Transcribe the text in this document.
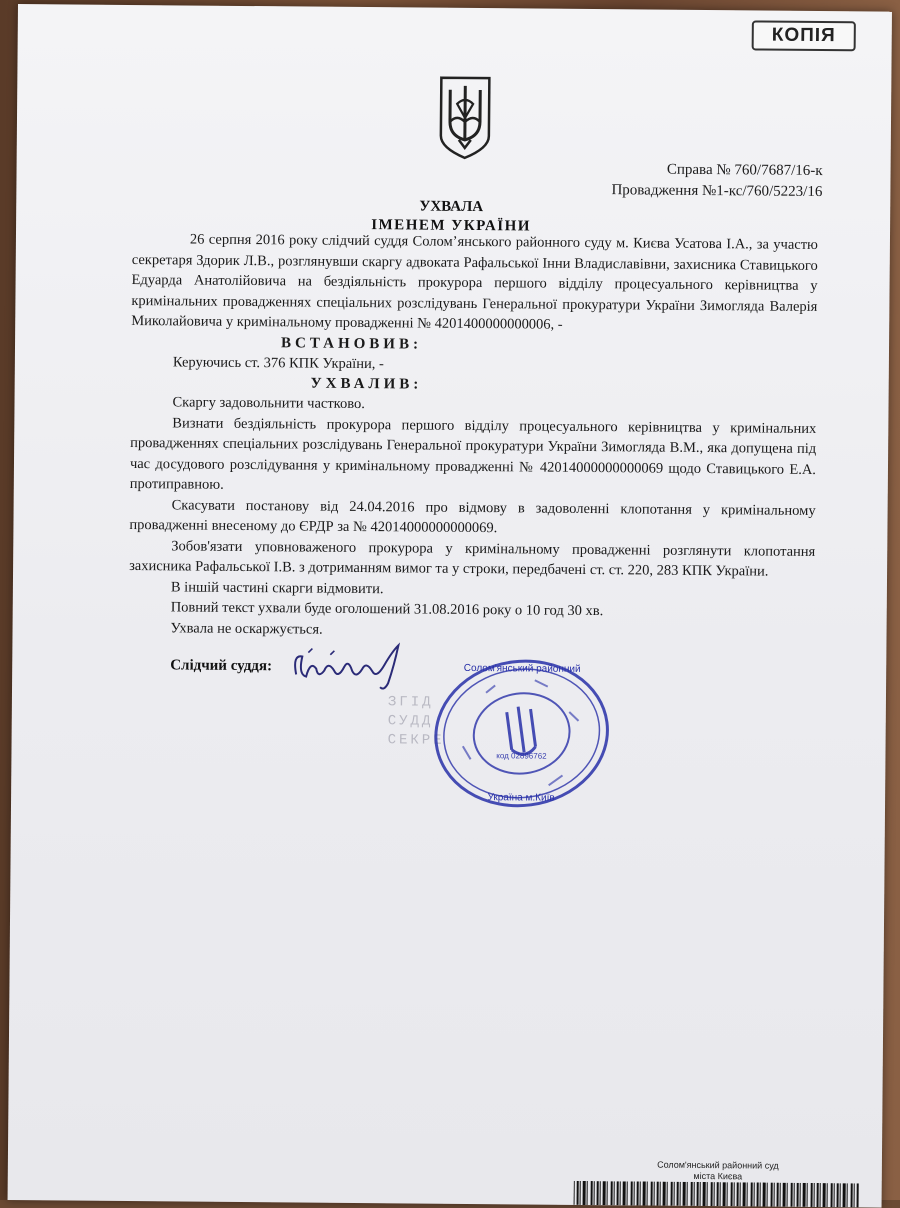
КОПІЯ
Справа № 760/7687/16-к
Провадження №1-кс/760/5223/16
УХВАЛА
ІМЕНЕМ УКРАЇНИ

26 серпня 2016 року слідчий суддя Солом’янського районного суду м. Києва Усатова І.А., за участю секретаря Здорик Л.В., розглянувши скаргу адвоката Рафальської Інни Владиславівни, захисника Ставицького Едуарда Анатолійовича на бездіяльність прокурора першого відділу процесуального керівництва у кримінальних провадженнях спеціальних розслідувань Генеральної прокуратури України Зимогляда Валерія Миколайовича у кримінальному провадженні № 4201400000000006, -

ВСТАНОВИВ:

Керуючись ст. 376 КПК України, -

УХВАЛИВ:

Скаргу задовольнити частково.

Визнати бездіяльність прокурора першого відділу процесуального керівництва у кримінальних провадженнях спеціальних розслідувань Генеральної прокуратури України Зимогляда В.М., яка допущена під час досудового розслідування у кримінальному провадженні № 42014000000000069 щодо Ставицького Е.А. протиправною.

Скасувати постанову від 24.04.2016 про відмову в задоволенні клопотання у кримінальному провадженні внесеному до ЄРДР за № 42014000000000069.

Зобов'язати уповноваженого прокурора у кримінальному провадженні розглянути клопотання захисника Рафальської І.В. з дотриманням вимог та у строки, передбачені ст. ст. 220, 283 КПК України.

В іншій частині скарги відмовити.

Повний текст ухвали буде оголошений 31.08.2016 року о 10 год 30 хв.

Ухвала не оскаржується.

Слідчий суддя:
ЗГІД
СУДД
СЕКРЕ
код 02896762
Солом'янський районний
Україна м.Київ
Солом'янський районний суд
міста Києва
